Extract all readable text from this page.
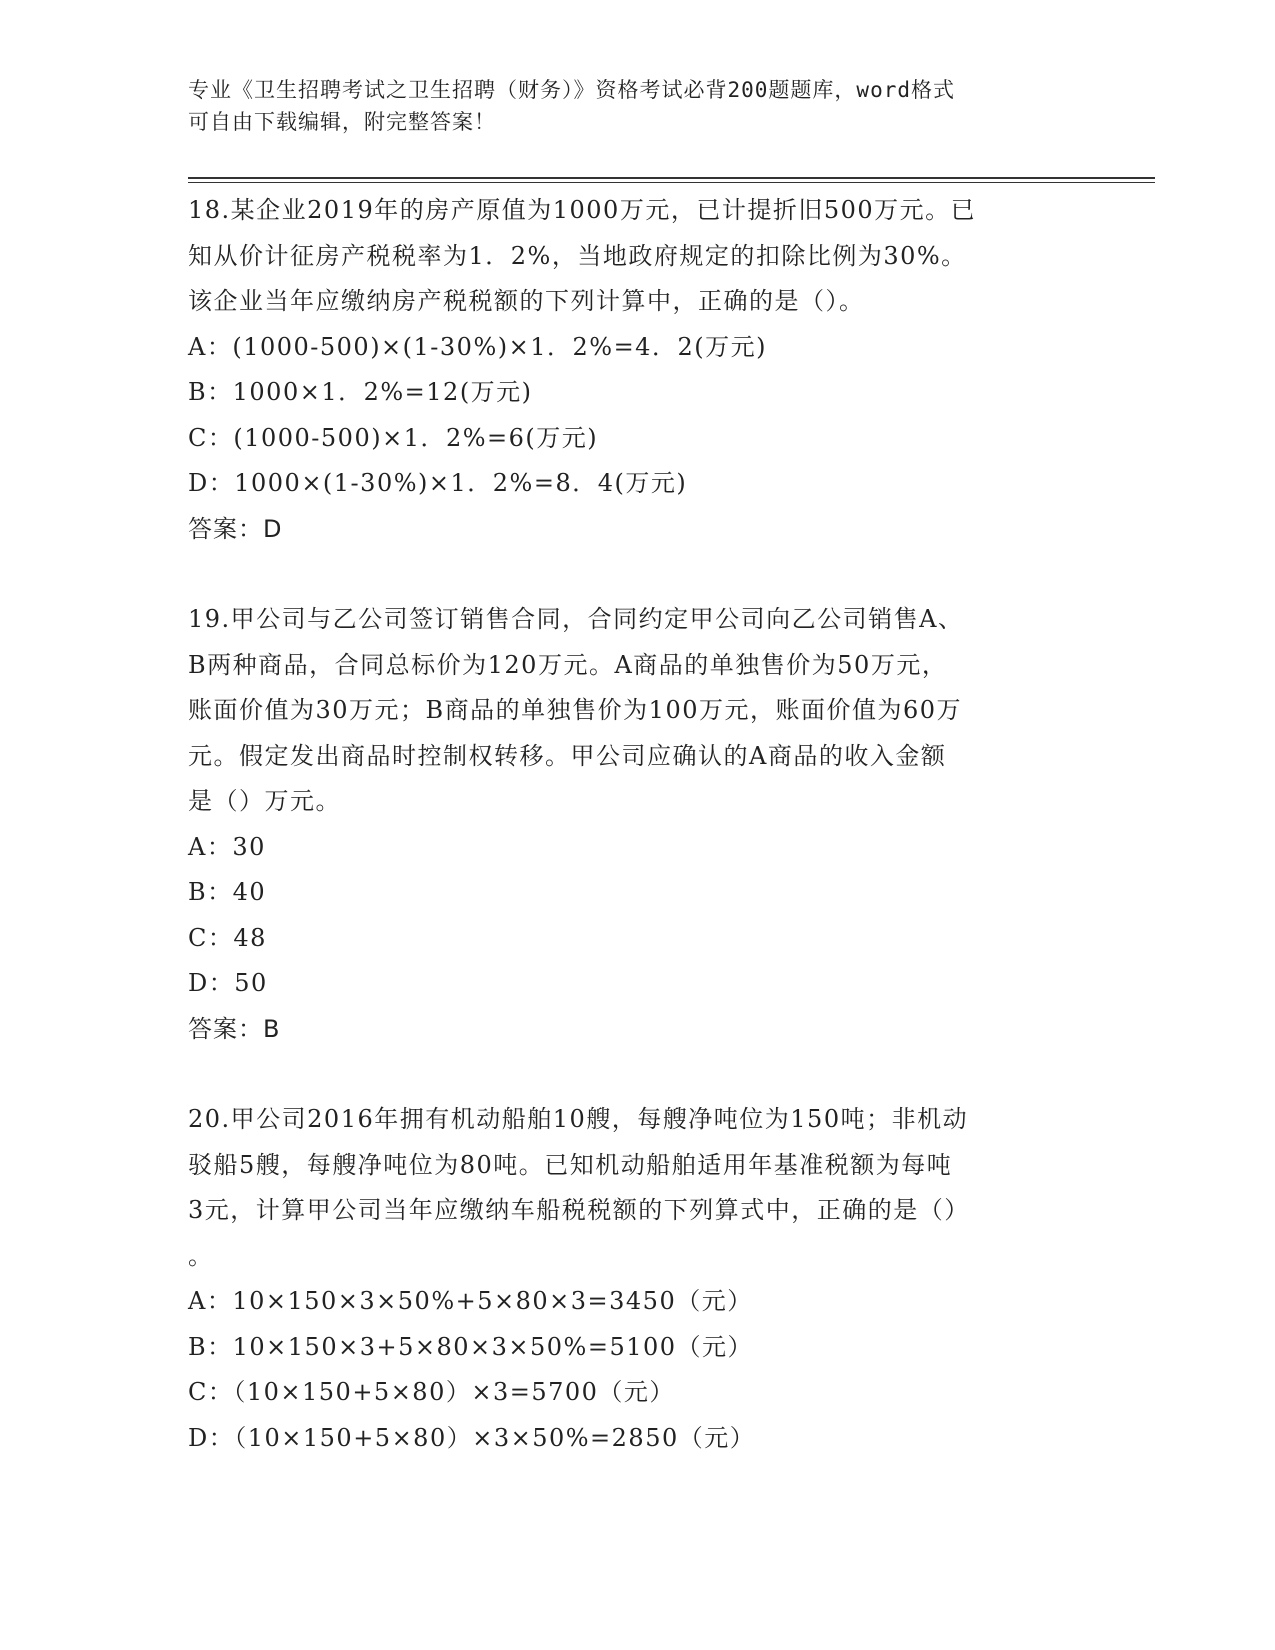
专业《卫生招聘考试之卫生招聘（财务）》资格考试必背200题题库，word格式
可自由下载编辑，附完整答案！
18.某企业2019年的房产原值为1000万元，已计提折旧500万元。已
知从价计征房产税税率为1．2%，当地政府规定的扣除比例为30%。
该企业当年应缴纳房产税税额的下列计算中，正确的是（）。
A：(1000-500)×(1-30%)×1．2%=4．2(万元)
B：1000×1．2%=12(万元)
C：(1000-500)×1．2%=6(万元)
D：1000×(1-30%)×1．2%=8．4(万元)
答案：D
19.甲公司与乙公司签订销售合同，合同约定甲公司向乙公司销售A、
B两种商品，合同总标价为120万元。A商品的单独售价为50万元，
账面价值为30万元；B商品的单独售价为100万元，账面价值为60万
元。假定发出商品时控制权转移。甲公司应确认的A商品的收入金额
是（）万元。
A：30
B：40
C：48
D：50
答案：B
20.甲公司2016年拥有机动船舶10艘，每艘净吨位为150吨；非机动
驳船5艘，每艘净吨位为80吨。已知机动船舶适用年基准税额为每吨
3元，计算甲公司当年应缴纳车船税税额的下列算式中，正确的是（）
。
A：10×150×3×50%+5×80×3=3450（元）
B：10×150×3+5×80×3×50%=5100（元）
C：（10×150+5×80）×3=5700（元）
D：（10×150+5×80）×3×50%=2850（元）
